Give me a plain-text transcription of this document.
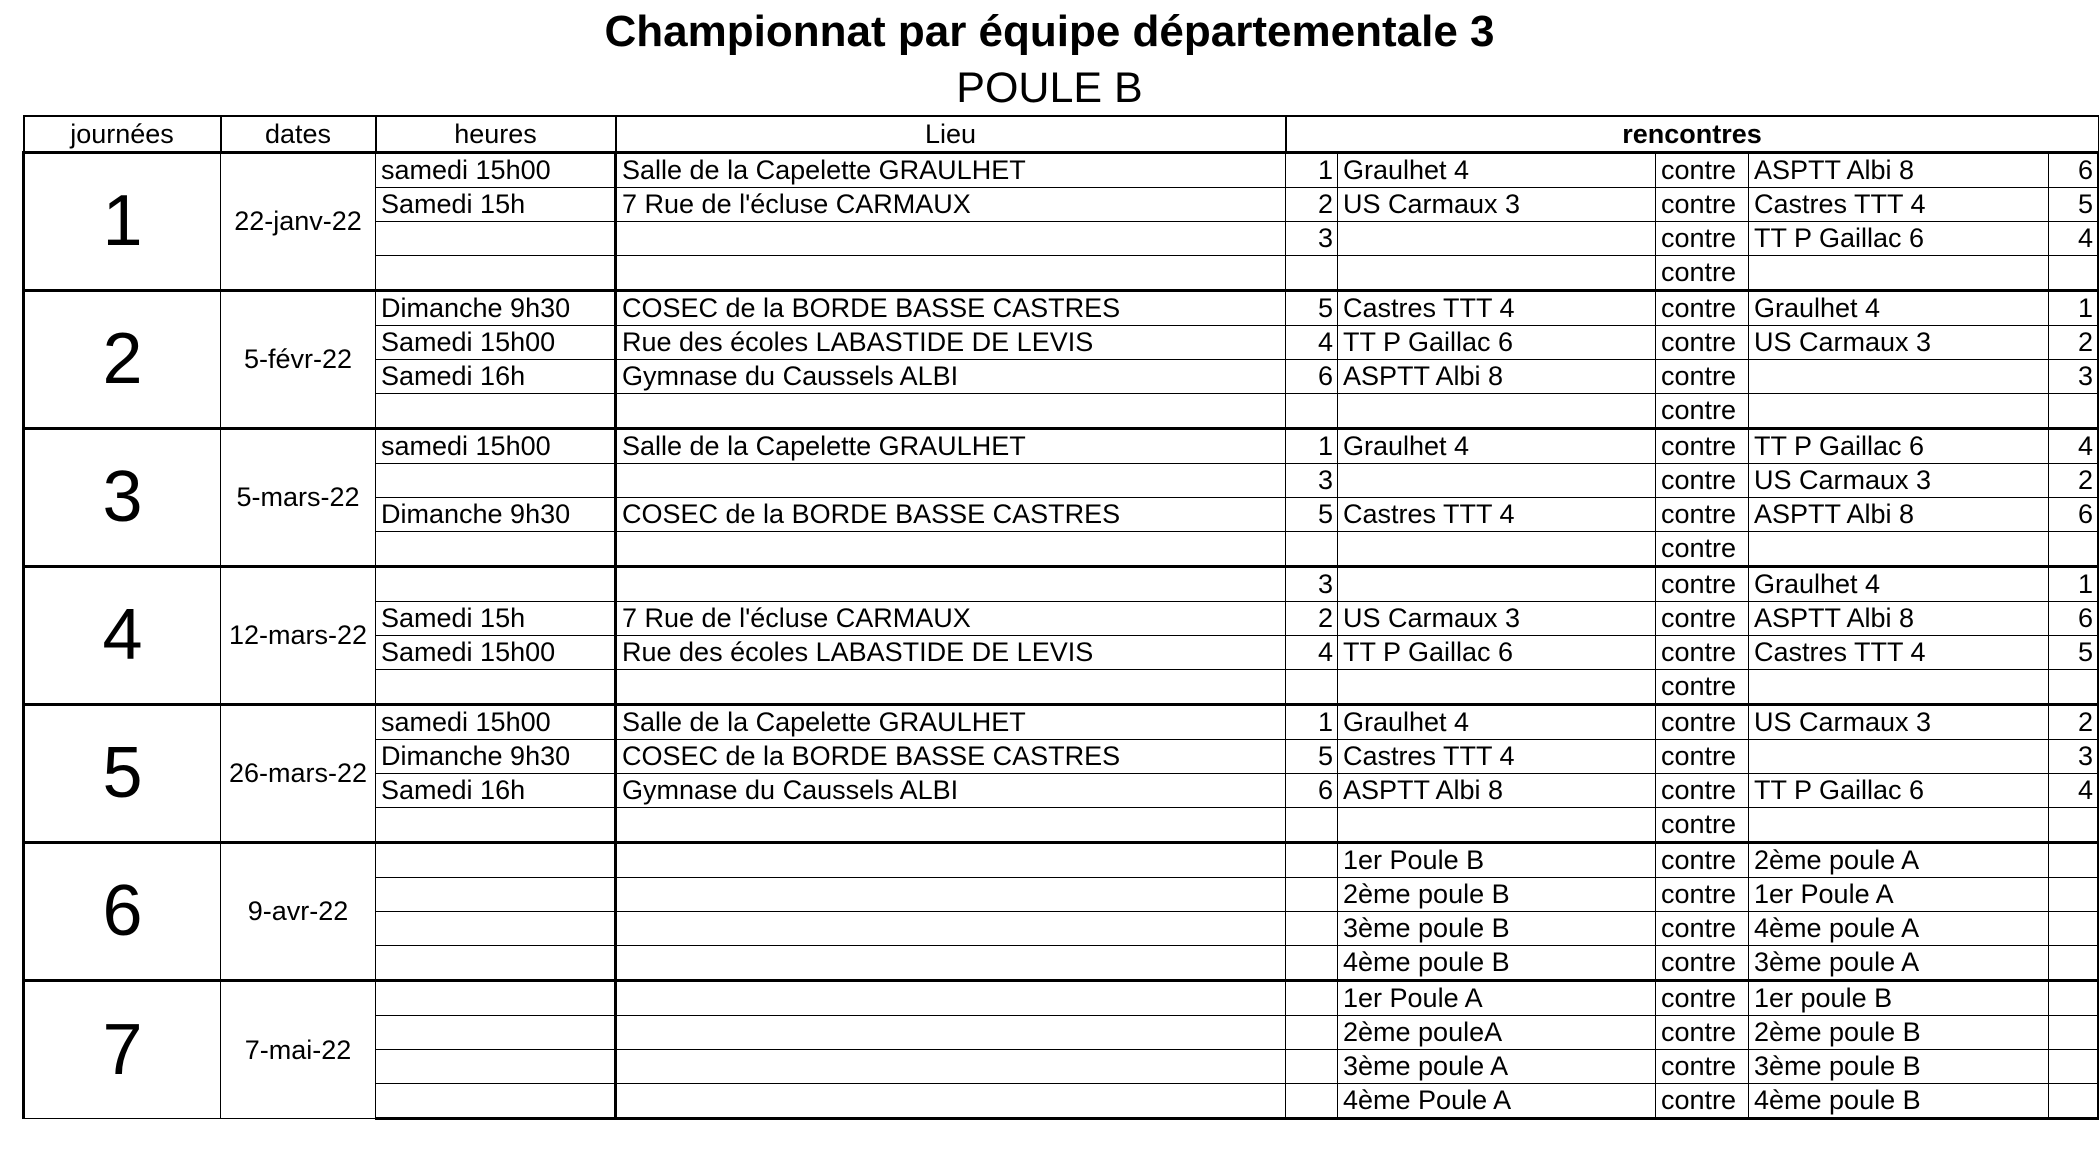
Championnat par équipe départementale 3
POULE B
journées	dates	heures	Lieu	rencontres				
1	22-janv-22	samedi 15h00	Salle de la Capelette GRAULHET	1	Graulhet 4	contre	ASPTT Albi 8	6
		Samedi 15h	7 Rue de l'écluse CARMAUX	2	US Carmaux 3	contre	Castres TTT 4	5
				3		contre	TT P Gaillac 6	4
						contre		
2	5-févr-22	Dimanche 9h30	COSEC de la BORDE BASSE CASTRES	5	Castres TTT 4	contre	Graulhet 4	1
		Samedi 15h00	Rue des écoles LABASTIDE DE LEVIS	4	TT P Gaillac 6	contre	US Carmaux 3	2
		Samedi 16h	Gymnase du Caussels ALBI	6	ASPTT Albi 8	contre		3
						contre		
3	5-mars-22	samedi 15h00	Salle de la Capelette GRAULHET	1	Graulhet 4	contre	TT P Gaillac 6	4
				3		contre	US Carmaux 3	2
		Dimanche 9h30	COSEC de la BORDE BASSE CASTRES	5	Castres TTT 4	contre	ASPTT Albi 8	6
						contre		
4	12-mars-22			3		contre	Graulhet 4	1
		Samedi 15h	7 Rue de l'écluse CARMAUX	2	US Carmaux 3	contre	ASPTT Albi 8	6
		Samedi 15h00	Rue des écoles LABASTIDE DE LEVIS	4	TT P Gaillac 6	contre	Castres TTT 4	5
						contre		
5	26-mars-22	samedi 15h00	Salle de la Capelette GRAULHET	1	Graulhet 4	contre	US Carmaux 3	2
		Dimanche 9h30	COSEC de la BORDE BASSE CASTRES	5	Castres TTT 4	contre		3
		Samedi 16h	Gymnase du Caussels ALBI	6	ASPTT Albi 8	contre	TT P Gaillac 6	4
						contre		
6	9-avr-22				1er Poule B	contre	2ème poule A	
					2ème poule B	contre	1er Poule A	
					3ème poule B	contre	4ème poule A	
					4ème poule B	contre	3ème poule A	
7	7-mai-22				1er Poule A	contre	1er poule B	
					2ème pouleA	contre	2ème poule B	
					3ème poule A	contre	3ème poule B	
					4ème Poule A	contre	4ème poule B	
